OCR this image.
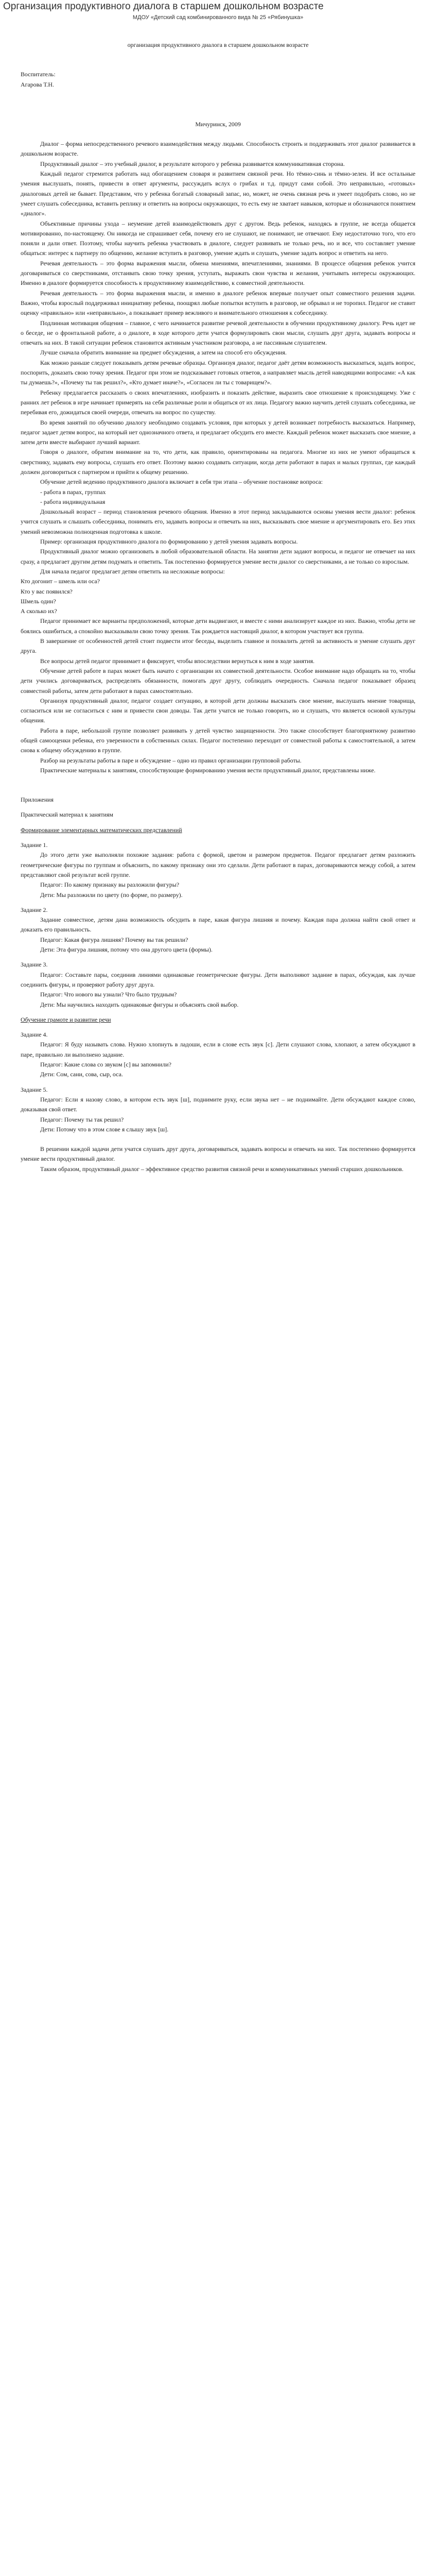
Организация продуктивного диалога в старшем дошкольном возрасте
МДОУ «Детский сад комбинированного вида № 25 «Рябинушка»

организация продуктивного диалога в старшем дошкольном возрасте

Воспитатель:

Агарова Т.Н.

Мичуринск, 2009

Диалог – форма непосредственного речевого взаимодействия между людьми. Способность строить и поддерживать этот диалог развивается в дошкольном возрасте.

Продуктивный диалог – это учебный диалог, в результате которого у ребенка развивается коммуникативная сторона.

Каждый педагог стремится работать над обогащением словаря и развитием связной речи. Но тёмно-синь и тёмно-зелен. И все остальные умения выслушать, понять, привести в ответ аргументы, рассуждать вслух о грибах и т.д. придут сами собой. Это неправильно, «готовых» диалоговых детей не бывает. Представим, что у ребенка богатый словарный запас, но, может, не очень связная речь и умеет подобрать слово, но не умеет слушать собеседника, вставить реплику и ответить на вопросы окружающих, то есть ему не хватает навыков, которые и обозначаются понятием «диалог».

Объективные причины ухода – неумение детей взаимодействовать друг с другом. Ведь ребенок, находясь в группе, не всегда общается мотивированно, по-настоящему. Он никогда не спрашивает себя, почему его не слушают, не понимают, не отвечают. Ему недостаточно того, что его поняли и дали ответ. Поэтому, чтобы научить ребенка участвовать в диалоге, следует развивать не только речь, но и все, что составляет умение общаться: интерес к партнеру по общению, желание вступить в разговор, умение ждать и слушать, умение задать вопрос и ответить на него.

Речевая деятельность – это форма выражения мысли, обмена мнениями, впечатлениями, знаниями. В процессе общения ребенок учится договариваться со сверстниками, отстаивать свою точку зрения, уступать, выражать свои чувства и желания, учитывать интересы окружающих. Именно в диалоге формируется способность к продуктивному взаимодействию, к совместной деятельности.

Речевая деятельность – это форма выражения мысли, и именно в диалоге ребенок впервые получает опыт совместного решения задачи. Важно, чтобы взрослый поддерживал инициативу ребенка, поощрял любые попытки вступить в разговор, не обрывал и не торопил. Педагог не ставит оценку «правильно» или «неправильно», а показывает пример вежливого и внимательного отношения к собеседнику.

Подлинная мотивация общения – главное, с чего начинается развитие речевой деятельности в обучении продуктивному диалогу. Речь идет не о беседе, не о фронтальной работе, а о диалоге, в ходе которого дети учатся формулировать свои мысли, слушать друг друга, задавать вопросы и отвечать на них. В такой ситуации ребенок становится активным участником разговора, а не пассивным слушателем.

Лучше сначала обратить внимание на предмет обсуждения, а затем на способ его обсуждения.

Как можно раньше следует показывать детям речевые образцы. Организуя диалог, педагог даёт детям возможность высказаться, задать вопрос, поспорить, доказать свою точку зрения. Педагог при этом не подсказывает готовых ответов, а направляет мысль детей наводящими вопросами: «А как ты думаешь?», «Почему ты так решил?», «Кто думает иначе?», «Согласен ли ты с товарищем?».

Ребенку предлагается рассказать о своих впечатлениях, изобразить и показать действие, выразить свое отношение к происходящему. Уже с ранних лет ребенок в игре начинает примерять на себя различные роли и общаться от их лица. Педагогу важно научить детей слушать собеседника, не перебивая его, дожидаться своей очереди, отвечать на вопрос по существу.

Во время занятий по обучению диалогу необходимо создавать условия, при которых у детей возникает потребность высказаться. Например, педагог задает детям вопрос, на который нет однозначного ответа, и предлагает обсудить его вместе. Каждый ребенок может высказать свое мнение, а затем дети вместе выбирают лучший вариант.

Говоря о диалоге, обратим внимание на то, что дети, как правило, ориентированы на педагога. Многие из них не умеют обращаться к сверстнику, задавать ему вопросы, слушать его ответ. Поэтому важно создавать ситуации, когда дети работают в парах и малых группах, где каждый должен договориться с партнером и прийти к общему решению.

Обучение детей ведению продуктивного диалога включает в себя три этапа – обучение постановке вопроса:

- работа в парах, группах

- работа индивидуальная

Дошкольный возраст – период становления речевого общения. Именно в этот период закладываются основы умения вести диалог: ребенок учится слушать и слышать собеседника, понимать его, задавать вопросы и отвечать на них, высказывать свое мнение и аргументировать его. Без этих умений невозможна полноценная подготовка к школе.

Пример: организация продуктивного диалога по формированию у детей умения задавать вопросы.

Продуктивный диалог можно организовать в любой образовательной области. На занятии дети задают вопросы, и педагог не отвечает на них сразу, а предлагает другим детям подумать и ответить. Так постепенно формируется умение вести диалог со сверстниками, а не только со взрослым.

Для начала педагог предлагает детям ответить на несложные вопросы:

Кто догонит – шмель или оса?

Кто у вас появился?

Шмель один?

А сколько их?

Педагог принимает все варианты предположений, которые дети выдвигают, и вместе с ними анализирует каждое из них. Важно, чтобы дети не боялись ошибиться, а спокойно высказывали свою точку зрения. Так рождается настоящий диалог, в котором участвует вся группа.

В завершение от особенностей детей стоит подвести итог беседы, выделить главное и похвалить детей за активность и умение слушать друг друга.

Все вопросы детей педагог принимает и фиксирует, чтобы впоследствии вернуться к ним в ходе занятия.

Обучение детей работе в парах может быть начато с организации их совместной деятельности. Особое внимание надо обращать на то, чтобы дети учились договариваться, распределять обязанности, помогать друг другу, соблюдать очередность. Сначала педагог показывает образец совместной работы, затем дети работают в парах самостоятельно.

Организуя продуктивный диалог, педагог создает ситуацию, в которой дети должны высказать свое мнение, выслушать мнение товарища, согласиться или не согласиться с ним и привести свои доводы. Так дети учатся не только говорить, но и слушать, что является основой культуры общения.

Работа в паре, небольшой группе позволяет развивать у детей чувство защищенности. Это также способствует благоприятному развитию общей самооценки ребенка, его уверенности в собственных силах. Педагог постепенно переходит от совместной работы к самостоятельной, а затем снова к общему обсуждению в группе.

Разбор на результаты работы в паре и обсуждение – одно из правил организации групповой работы.

Практические материалы к занятиям, способствующие формированию умения вести продуктивный диалог, представлены ниже.

Приложения

Практический материал к занятиям

Формирование элементарных математических представлений

Задание 1.

До этого дети уже выполняли похожие задания: работа с формой, цветом и размером предметов. Педагог предлагает детям разложить геометрические фигуры по группам и объяснить, по какому признаку они это сделали. Дети работают в парах, договариваются между собой, а затем представляют свой результат всей группе.

Педагог: По какому признаку вы разложили фигуры?

Дети: Мы разложили по цвету (по форме, по размеру).

Задание 2.

Задание совместное, детям дана возможность обсудить в паре, какая фигура лишняя и почему. Каждая пара должна найти свой ответ и доказать его правильность.

Педагог: Какая фигура лишняя? Почему вы так решили?

Дети: Эта фигура лишняя, потому что она другого цвета (формы).

Задание 3.

Педагог: Составьте пары, соединив линиями одинаковые геометрические фигуры. Дети выполняют задание в парах, обсуждая, как лучше соединить фигуры, и проверяют работу друг друга.

Педагог: Что нового вы узнали? Что было трудным?

Дети: Мы научились находить одинаковые фигуры и объяснять свой выбор.

Обучение грамоте и развитие речи

Задание 4.

Педагог: Я буду называть слова. Нужно хлопнуть в ладоши, если в слове есть звук [с]. Дети слушают слова, хлопают, а затем обсуждают в паре, правильно ли выполнено задание.

Педагог: Какие слова со звуком [с] вы запомнили?

Дети: Сом, сани, сова, сыр, оса.

Задание 5.

Педагог: Если я назову слово, в котором есть звук [ш], поднимите руку, если звука нет – не поднимайте. Дети обсуждают каждое слово, доказывая свой ответ.

Педагог: Почему ты так решил?

Дети: Потому что в этом слове я слышу звук [ш].

В решении каждой задачи дети учатся слушать друг друга, договариваться, задавать вопросы и отвечать на них. Так постепенно формируется умение вести продуктивный диалог.

Таким образом, продуктивный диалог – эффективное средство развития связной речи и коммуникативных умений старших дошкольников.
